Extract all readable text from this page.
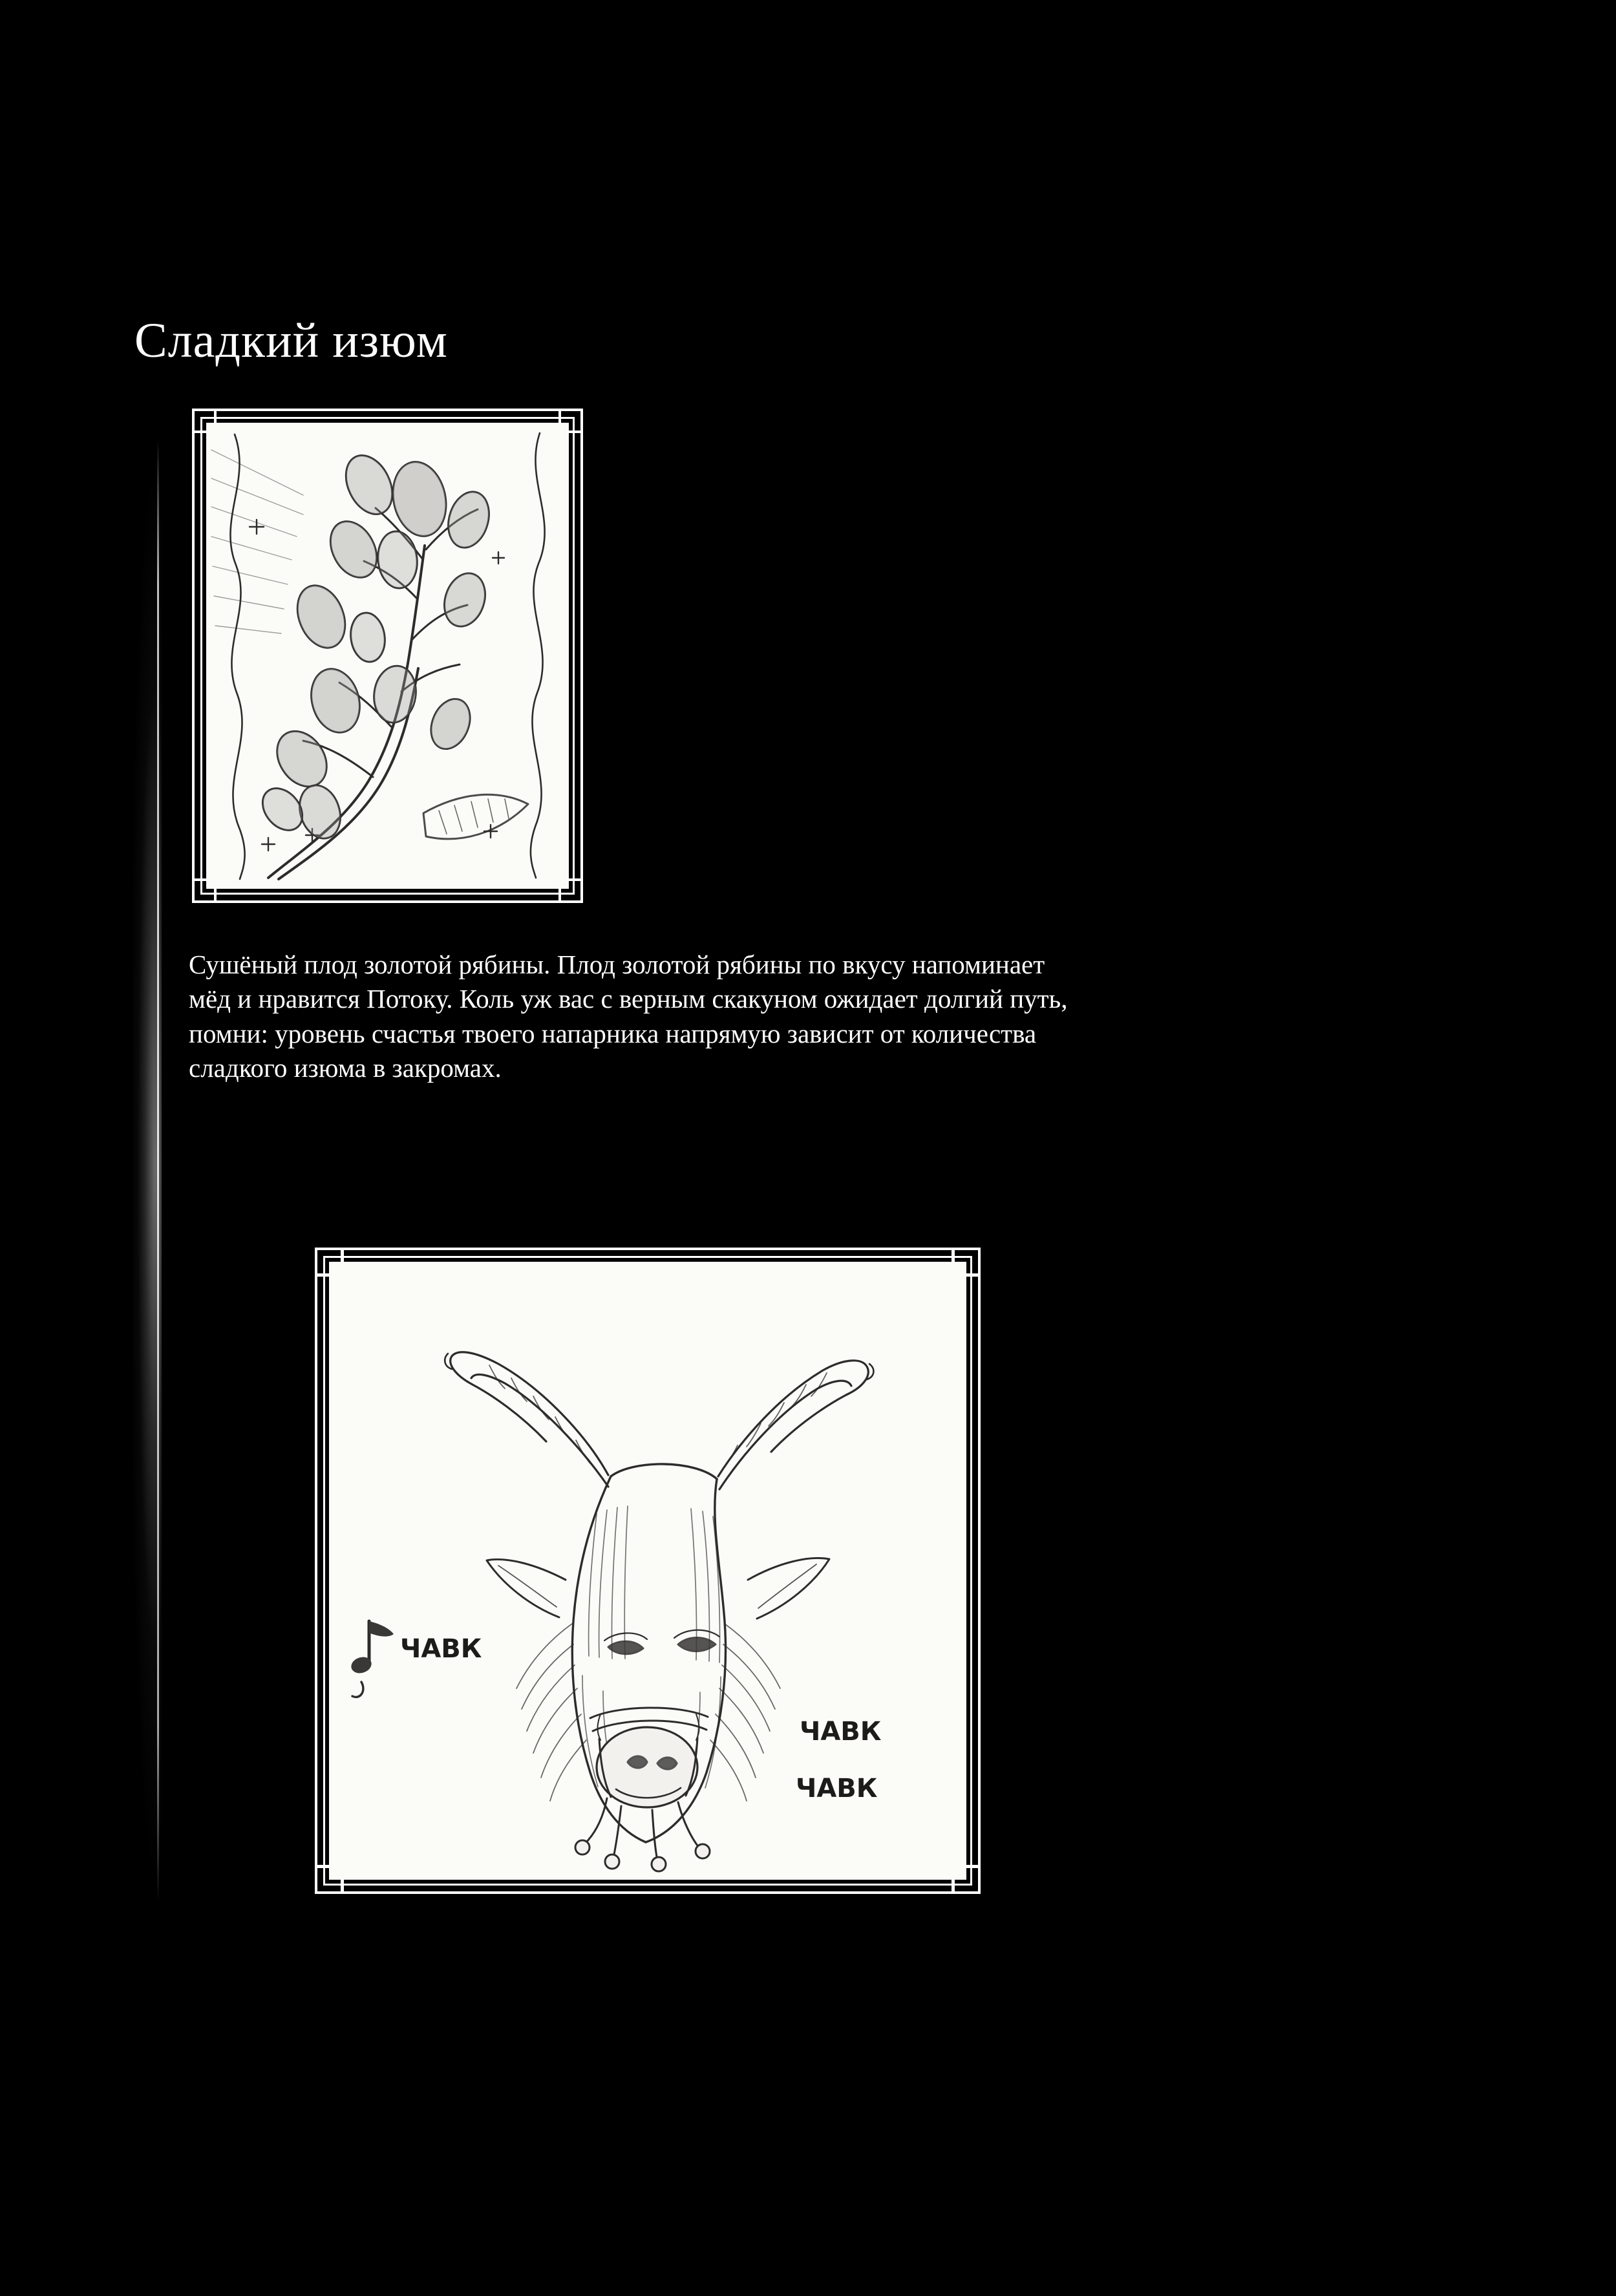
Сладкий изюм

Сушёный плод золотой рябины. Плод золотой рябины по вкусу напоминает мёд и нравится Потоку. Коль уж вас с верным скакуном ожидает долгий путь, помни: уровень счастья твоего напарника напрямую зависит от количества сладкого изюма в закромах.

ЧАВК
ЧАВК
ЧАВК
